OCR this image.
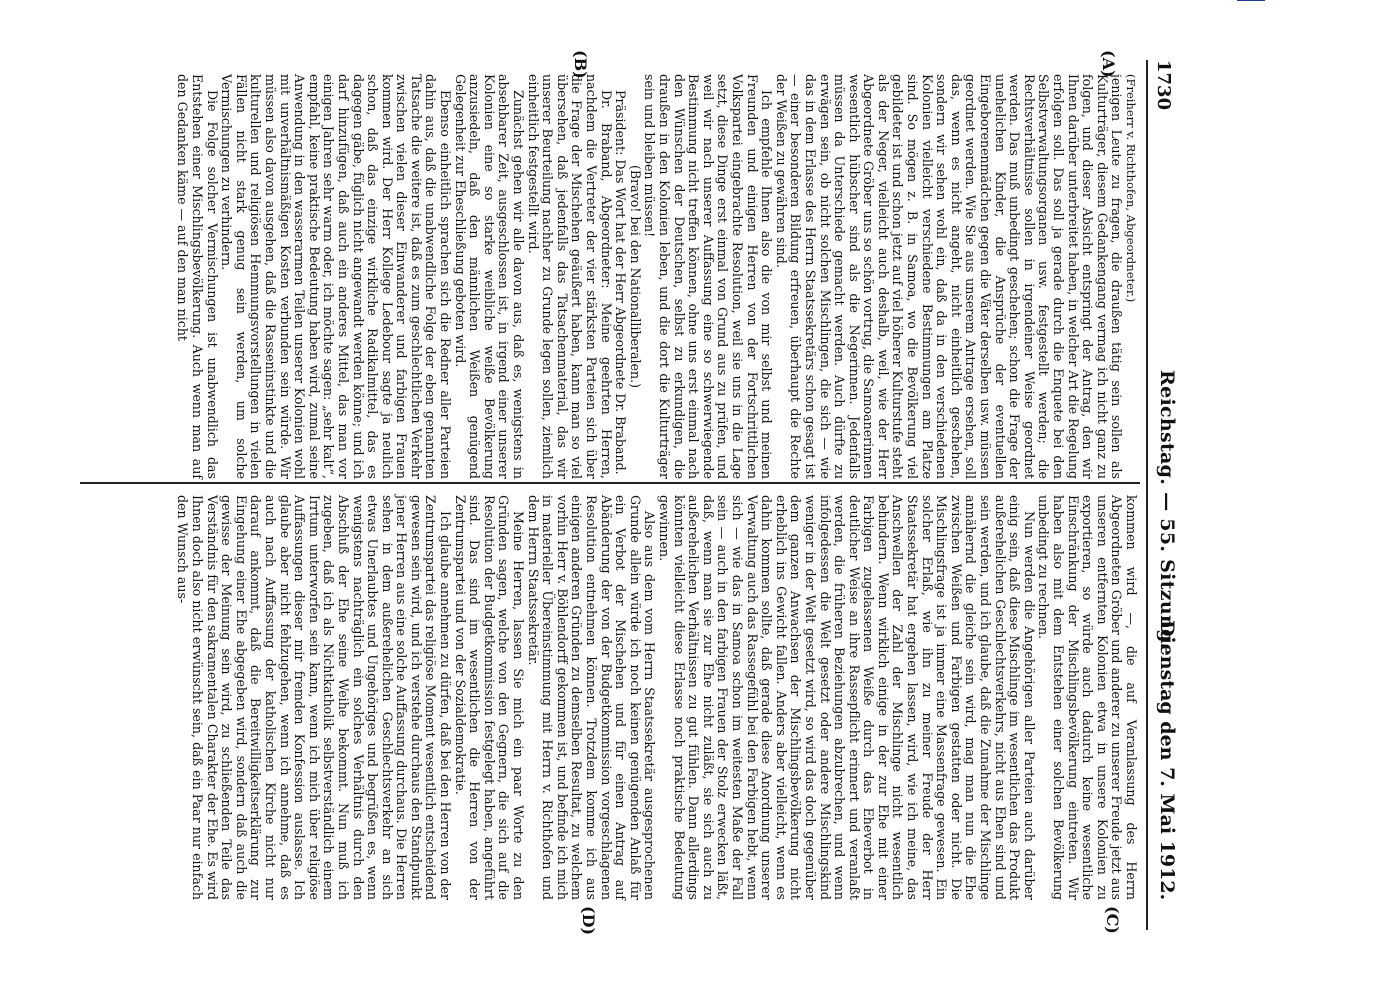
1730
Reichstag. — 55. Sitzung.
Dienstag den 7. Mai 1912.
(A)
(B)
(C)
(D)

(Freiherr v. Richthofen, Abgeordneter.)

jenigen Leute zu fragen, die draußen tätig sein sollen als Kulturträger, diesem Gedankengang vermag ich nicht ganz zu folgen, und dieser Absicht entspringt der Antrag, den wir Ihnen darüber unterbreitet haben, in welcher Art die Regelung erfolgen soll. Das soll ja gerade durch die Enquete bei den Selbstverwaltungsorganen usw. festgestellt werden; die Rechtsverhältnisse sollen in irgendeiner Weise geordnet werden. Das muß unbedingt geschehen; schon die Frage der unehelichen Kinder, die Ansprüche der eventuellen Eingeborenenmädchen gegen die Väter derselben usw. müssen geordnet werden. Wie Sie aus unserem Antrage ersehen, soll das, wenn es nicht angeht, nicht einheitlich geschehen, sondern wir sehen wohl ein, daß da in den verschiedenen Kolonien vielleicht verschiedene Bestimmungen am Platze sind. So mögen z. B. in Samoa, wo die Bevölkerung viel gebildeter ist und schon jetzt auf viel höherer Kulturstufe steht als der Neger, vielleicht auch deshalb, weil, wie der Herr Abgeordnete Gröber uns so schön vortrug, die Samoanerinnen wesentlich hübscher sind als die Negerinnen. Jedenfalls müssen da Unterschiede gemacht werden. Auch dürfte zu erwägen sein, ob nicht solchen Mischlingen, die sich — wie das in dem Erlasse des Herrn Staatssekretärs schon gesagt ist — einer besonderen Bildung erfreuen, überhaupt die Rechte der Weißen zu gewähren sind.

Ich empfehle Ihnen also die von mir selbst und meinen Freunden und einigen Herren von der Fortschrittlichen Volkspartei eingebrachte Resolution, weil sie uns in die Lage setzt, diese Dinge erst einmal von Grund aus zu prüfen, und weil wir nach unserer Auffassung eine so schwerwiegende Bestimmung nicht treffen können, ohne uns erst einmal nach den Wünschen der Deutschen, selbst zu erkundigen, die draußen in den Kolonien leben, und die dort die Kulturträger sein und bleiben müssen!

(Bravo! bei den Nationalliberalen.)

Präsident: Das Wort hat der Herr Abgeordnete Dr. Braband.

Dr. Braband, Abgeordneter: Meine geehrten Herren, nachdem die Vertreter der vier stärksten Parteien sich über die Frage der Mischehen geäußert haben, kann man so viel übersehen, daß jedenfalls das Tatsachenmaterial, das wir unserer Beurteilung nachher zu Grunde legen sollen, ziemlich einheitlich festgestellt wird.

Zunächst gehen wir alle davon aus, daß es, wenigstens in absehbarer Zeit, ausgeschlossen ist, in irgend einer unserer Kolonien eine so starke weibliche weiße Bevölkerung anzusiedeln, daß den männlichen Weißen genügend Gelegenheit zur Eheschließung geboten wird.

Ebenso einheitlich sprachen sich die Redner aller Parteien dahin aus, daß die unabwendliche Folge der eben genannten Tatsache die weitere ist, daß es zum geschlechtlichen Verkehr zwischen vielen dieser Einwanderer und farbigen Frauen kommen wird. Der Herr Kollege Ledebour sagte ja neulich schon, daß das einzige wirkliche Radikalmittel, das es dagegen gäbe, füglich nicht angewandt werden könne; und ich darf hinzufügen, daß auch ein anderes Mittel, das man vor einigen Jahren sehr warm oder, ich möchte sagen: „sehr kalt“, empfahl, keine praktische Bedeutung haben wird, zumal seine Anwendung in den wasserarmen Teilen unserer Kolonien wohl mit unverhältnismäßigen Kosten verbunden sein würde. Wir müssen also davon ausgehen, daß die Rasseninstinkte und die kulturellen und religiösen Hemmungsvorstellungen in vielen Fällen nicht stark genug sein werden, um solche Vermischungen zu verhindern.

Die Folge solcher Vermischungen ist unabwendlich das Entstehen einer Mischlingsbevölkerung. Auch wenn man auf den Gedanken käme — auf den man nicht

kommen wird —, die auf Veranlassung des Herrn Abgeordneten Gröber und anderer zu unserer Freude jetzt aus unseren entfernten Kolonien etwa in unsere Kolonien zu exportieren, so würde auch dadurch keine wesentliche Einschränkung der Mischlingsbevölkerung eintreten. Wir haben also mit dem Entstehen einer solchen Bevölkerung unbedingt zu rechnen.

Nun werden die Angehörigen aller Parteien auch darüber einig sein, daß diese Mischlinge im wesentlichen das Produkt außerehelichen Geschlechtsverkehrs, nicht aus Ehen sind und sein werden, und ich glaube, daß die Zunahme der Mischlinge annähernd die gleiche sein wird, mag man nun die Ehe zwischen Weißen und Farbigen gestatten oder nicht. Die Mischlingsfrage ist ja immer eine Massenfrage gewesen. Ein solcher Erlaß, wie ihn zu meiner Freude der Herr Staatssekretär hat ergehen lassen, wird, wie ich meine, das Anschwellen der Zahl der Mischlinge nicht wesentlich behindern. Wenn wirklich einige in der zur Ehe mit einer Farbigen zugelassenen Weiße durch das Eheverbot in deutlicher Weise an ihre Rassepflicht erinnert und veranlaßt werden, die früheren Beziehungen abzubrechen, und wenn infolgedessen die Welt gesetzt oder andere Mischlingskind weniger in der Welt gesetzt wird, so wird das doch gegenüber dem ganzen Anwachsen der Mischlingsbevölkerung nicht erheblich ins Gewicht fallen. Anders aber vielleicht, wenn es dahin kommen sollte, daß gerade diese Anordnung unserer Verwaltung auch das Rassegefühl bei den Farbigen hebt, wenn sich — wie das in Samoa schon im weitesten Maße der Fall sein — auch in den farbigen Frauen der Stolz erwecken läßt, daß, wenn man sie zur Ehe nicht zuläßt, sie sich auch zu außerehelichen Verhältnissen zu gut fühlen. Dann allerdings könnten vielleicht diese Erlasse noch praktische Bedeutung gewinnen.

Also aus dem vom Herrn Staatssekretär ausgesprochenen Grunde allein würde ich noch keinen genügenden Anlaß für ein Verbot der Mischehen und für einen Antrag auf Abänderung der von der Budgetkommission vorgeschlagenen Resolution entnehmen können. Trotzdem komme ich aus einigen anderen Gründen zu demselben Resultat, zu welchem vorhin Herr v. Böhlendorff gekommen ist, und befinde ich mich in materieller Übereinstimmung mit Herrn v. Richthofen und dem Herrn Staatssekretär.

Meine Herren, lassen Sie mich ein paar Worte zu den Gründen sagen, welche von den Gegnern, die sich auf die Resolution der Budgetkommission festgelegt haben, angeführt sind. Das sind im wesentlichen die Herren von der Zentrumspartei und von der Sozialdemokratie.

Ich glaube annehmen zu dürfen, daß bei den Herren von der Zentrumspartei das religiöse Moment wesentlich entscheidend gewesen sein wird, und ich verstehe durchaus den Standpunkt jener Herren aus eine solche Auffassung durchaus. Die Herren sehen in dem außerehelichen Geschlechtsverkehr an sich etwas Unerlaubtes und Ungehöriges und begrüßen es, wenn wenigstens nachträglich ein solches Verhältnis durch den Abschluß der Ehe seine Weihe bekommt. Nun muß ich zugeben, daß ich als Nichtkatholik selbstverständlich einem Irrtum unterworfen sein kann, wenn ich mich über religiöse Auffassungen dieser mir fremden Konfession auslasse. Ich glaube aber nicht fehlzugehen, wenn ich annehme, daß es auch nach Auffassung der katholischen Kirche nicht nur darauf ankommt, daß die Bereitwilligkeitserklärung zur Eingehung einer Ehe abgegeben wird, sondern daß auch die gewisse der Meinung sein wird, zu schließenden Teile das Verständnis für den sakramentalen Charakter der Ehe. Es wird Ihnen doch also nicht erwünscht sein, daß ein Paar nur einfach den Wunsch aus-
